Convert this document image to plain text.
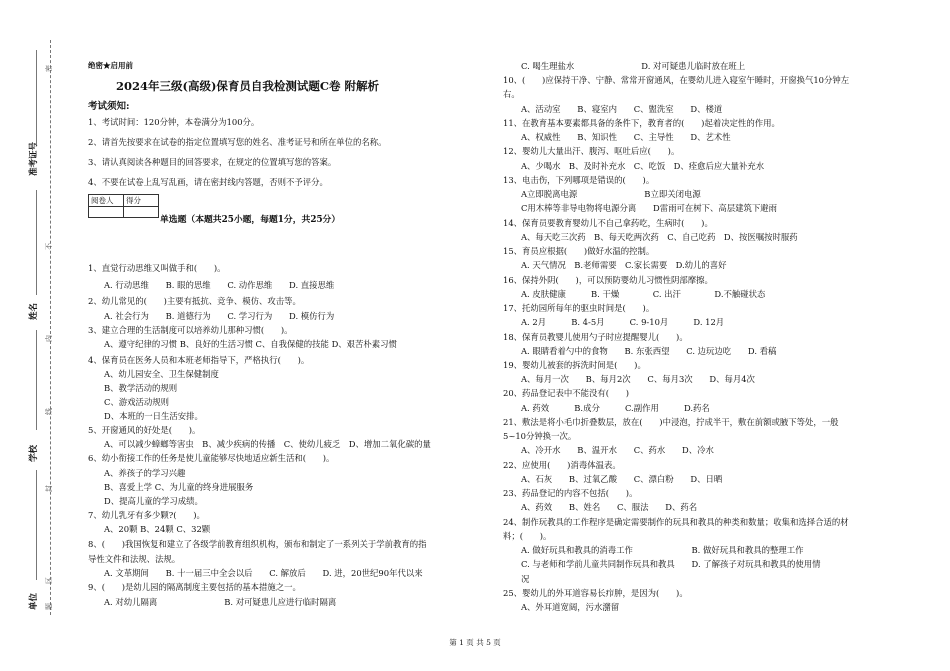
准考证号
姓名
学校
单位
密
不
内
线
封
区
题
绝密★启用前
2024年三级(高级)保育员自我检测试题C卷 附解析
考试须知:
1、考试时间：120分钟，本卷满分为100分。
2、请首先按要求在试卷的指定位置填写您的姓名、准考证号和所在单位的名称。
3、请认真阅读各种题目的回答要求，在规定的位置填写您的答案。
4、不要在试卷上乱写乱画，请在密封线内答题，否则不予评分。
阅卷人	得分

单选题（本题共25小题，每题1分，共25分）
1、直觉行动思维又叫做手和(　　)。
A. 行动思维　　B. 眼的思维　　C. 动作思维　　D. 直接思维
2、幼儿常见的(　　)主要有抵抗、竞争、模仿、攻击等。
A. 社会行为　　B. 道德行为　　C. 学习行为　　D. 模仿行为
3、建立合理的生活制度可以培养幼儿那种习惯(　　)。
A、遵守纪律的习惯 B、良好的生活习惯 C、自我保健的技能 D、艰苦朴素习惯
4、保育员在医务人员和本班老师指导下，严格执行(　　)。
A、幼儿园安全、卫生保健制度
B、教学活动的规则
C、游戏活动规则
D、本班的一日生活安排。
5、开窗通风的好处是(　　)。
A、可以减少蟑螂等害虫　B、减少疾病的传播　C、使幼儿疲乏　D、增加二氧化碳的量
6、幼小衔接工作的任务是使儿童能够尽快地适应新生活和(　　)。
A、养孩子的学习兴趣
B、喜爱上学 C、为儿童的终身进展服务
D、提高儿童的学习成绩。
7、幼儿乳牙有多少颗?(　　)。
A、20颗 B、24颗 C、32颗
8、(　　)我国恢复和建立了各级学前教育组织机构，颁布和制定了一系列关于学前教育的指
导性文件和法规、法规。
A. 文革期间　　B. 十一届三中全会以后　　C. 解放后　　D. 进，20世纪90年代以来
9、(　　)是幼儿园的隔离制度主要包括的基本措施之一。
A. 对幼儿隔离　　　　　　　　B. 对可疑患儿应进行临时隔离
C. 喝生理盐水　　　　　　　　D. 对可疑患儿临时放在班上
10、(　　)应保持干净、宁静、常常开窗通风，在婴幼儿进入寝室午睡时，开窗换气10分钟左
右。
A、活动室　　B、寝室内　　C、盥洗室　　D、楼道
11、在教育基本要素都具备的条件下，教育者的(　　)起着决定性的作用。
A、权威性　　B、知识性　　C、主导性　　D、艺术性
12、婴幼儿大量出汗、腹泻、呕吐后应(　　)。
A、少喝水　B、及时补充水　C、吃饭　D、痊愈后应大量补充水
13、电击伤，下列哪项是错误的(　　)。
A立即脱离电源　　　　　　　　B立即关闭电源
C用木棒等非导电物将电源分离　　D雷雨可在树下、高层建筑下避雨
14、保育员要教育婴幼儿不自己拿药吃，生病时(　　)。
A、每天吃三次药　B、每天吃两次药　C、自己吃药　D、按医嘱按时服药
15、育员应根据(　　)做好水温的控制。
A. 天气情况　B.老师需要　C.家长需要　D.幼儿的喜好
16、保持外阴(　　)，可以预防婴幼儿习惯性阴部摩擦。
A. 皮肤健康　　　B. 干燥　　　　C. 出汗　　　　D.不触碰状态
17、托幼园所每年的驱虫时间是(　　)。
A. 2月　　　B. 4-5月　　　C. 9-10月　　　D. 12月
18、保育员教婴儿使用勺子时应提醒婴儿(　　)。
A. 眼睛看着勺中的食物　　B. 东张西望　　C. 边玩边吃　　D. 看稿
19、婴幼儿被套的拆洗时间是(　　)。
A、每月一次　　B、每月2次　　C、每月3次　　D、每月4次
20、药品登记表中不能没有(　　)
A. 药效　　　B.成分　　　C.副作用　　　D.药名
21、敷法是将小毛巾折叠数层，放在(　　)中浸泡，拧成半干，敷在前额或腋下等处，一般
5~10分钟换一次。
A、冷开水　　B、温开水　　C、药水　　D、冷水
22、应使用(　　)消毒体温表。
A、石灰　　B、过氧乙酸　　C、漂白粉　　D、日晒
23、药品登记的内容不包括(　　)。
A、药效　　B、姓名　　C、服法　　D、药名
24、制作玩教具的工作程序是确定需要制作的玩具和教具的种类和数量；收集和选择合适的材
料；(　　)。
A. 做好玩具和教具的消毒工作　　　　　　　B. 做好玩具和教具的整理工作
C. 与老师和学前儿童共同制作玩具和教具　　D. 了解孩子对玩具和教具的使用情
况
25、婴幼儿的外耳道容易长疖肿，是因为(　　)。
A、外耳道宽阔，污水潴留
第 1 页 共 5 页
